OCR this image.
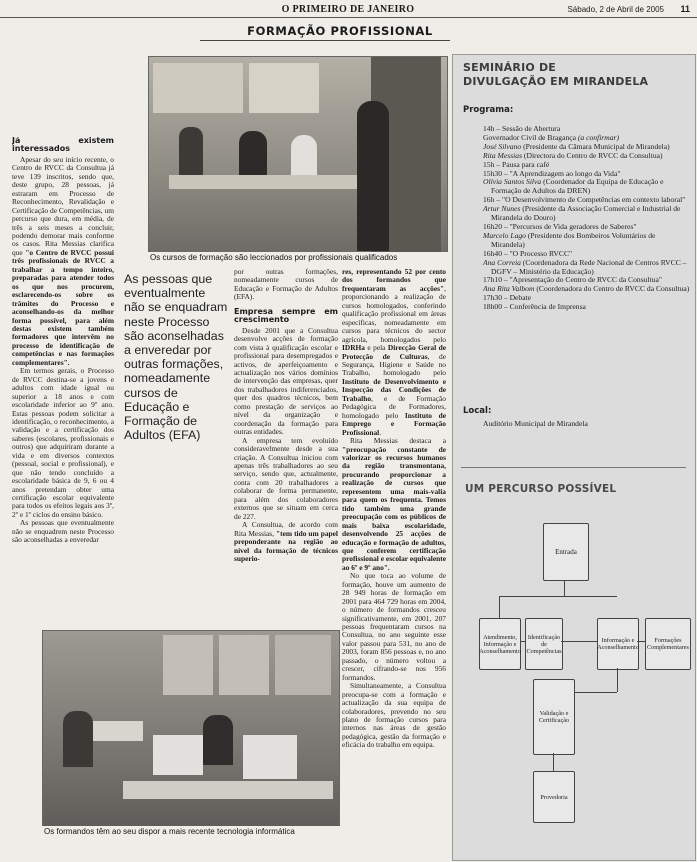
O PRIMEIRO DE JANEIRO	Sábado, 2 de Abril de 2005	11
FORMAÇÃO PROFISSIONAL
Os cursos de formação são leccionados por profissionais qualificados
Já existem interessados

Apesar do seu início recente, o Centro de RVCC da Consultua já teve 139 inscritos, sendo que, deste grupo, 28 pessoas, já estraram em Processo de Reconhecimento, Revalidação e Certificação de Competências, um percurso que dura, em média, de três a seis meses a concluir, podendo demorar mais conforme os casos. Rita Messias clarifica que "o Centro de RVCC possui três profissionais de RVCC a trabalhar a tempo inteiro, preparadas para atender todos os que nos procurem, esclarecendo-os sobre os trâmites do Processo e aconselhando-os da melhor forma possível, para além destas existem também formadores que intervêm no processo de identificação de competências e nas formações complementares".

Em termos gerais, o Processo de RVCC destina-se a jovens e adultos com idade igual ou superior a 18 anos e com escolaridade inferior ao 9º ano. Estas pessoas podem solicitar a identificação, o reconhecimento, a validação e a certificação dos saberes (escolares, profissionais e outros) que adquiriram durante a vida e em diversos contextos (pessoal, social e profissional), e que não tendo concluído a escolaridade básica de 9, 6 ou 4 anos pretendam obter uma certificação escolar equivalente para todos os efeitos legais aos 3º, 2º e 1º ciclos do ensino básico.

As pessoas que eventualmente não se enquadrem neste Processo são aconselhadas a enveredar

As pessoas que eventualmente não se enquadram neste Processo são aconselhadas a enveredar por outras formações, nomeadamente cursos de Educação e Formação de Adultos (EFA)

por outras formações, nomeadamente cursos de Educação e Formação de Adultos (EFA).

Empresa sempre em crescimento

Desde 2001 que a Consultua desenvolve acções de formação com vista à qualificação escolar e profissional para desempregados e activos, de aperfeiçoamento e actualização nos vários domínios de intervenção das empresas, quer dos trabalhadores indiferenciados, quer dos quadros técnicos, bem como prestação de serviços ao nível da organização e coordenação da formação para outras entidades.

A empresa tem evoluído consideravelmente desde a sua criação. A Consultua iniciou com apenas três trabalhadores ao seu serviço, sendo que, actualmente, conta com 20 trabalhadores a colaborar de forma permanente, para além dos colaboradores externos que se situam em cerca de 227.

A Consultua, de acordo com Rita Messias, "tem tido um papel preponderante na região ao nível da formação de técnicos superio-

res, representando 52 por cento dos formandos que frequentaram as acções", proporcionando a realização de cursos homologados, conferindo qualificação profissional em áreas específicas, nomeadamente em cursos para técnicos do sector agrícola, homologados pelo IDRHa e pela Direcção Geral de Protecção de Culturas, de Segurança, Higiene e Saúde no Trabalho, homologado pelo Instituto de Desenvolvimento e Inspecção das Condições de Trabalho, e de Formação Pedagógica de Formadores, homologado pelo Instituto de Emprego e Formação Profissional.

Rita Messias destaca a "preocupação constante de valorizar os recursos humanos da região transmontana, procurando proporcionar a realização de cursos que representem uma mais-valia para quem os frequenta. Temos tido também uma grande preocupação com os públicos de mais baixa escolaridade, desenvolvendo 25 acções de educação e formação de adultos, que conferem certificação profissional e escolar equivalente ao 6º e 9º ano".

No que toca ao volume de formação, houve um aumento de 28 949 horas de formação em 2001 para 464 729 horas em 2004, o número de formandos cresceu significativamente, em 2001, 207 pessoas frequentaram cursos na Consultua, no ano seguinte esse valor passou para 531, no ano de 2003, foram 856 pessoas e, no ano passado, o número voltou a crescer, cifrando-se nos 956 formandos.

Simultaneamente, a Consultua preocupa-se com a formação e actualização da sua equipa de colaboradores, prevendo no seu plano de formação cursos para internos nas áreas de gestão pedagógica, gestão da formação e eficácia do trabalho em equipa.

Os formandos têm ao seu dispor a mais recente tecnologia informática
SEMINÁRIO DE
DIVULGAÇÃO EM MIRANDELA
Programa:
14h – Sessão de Abertura
Governador Civil de Bragança (a confirmar)
José Silvano (Presidente da Câmara Municipal de Mirandela)
Rita Messias (Directora do Centro de RVCC da Consultua)
15h – Pausa para café
15h30 – "A Aprendizagem ao longo da Vida"
Olívia Santos Silva (Coordenador da Equipa de Educação e Formação de Adultos da DREN)
16h – "O Desenvolvimento de Competências em contexto laboral"
Artur Nunes (Presidente da Associação Comercial e Industrial de Mirandela do Douro)
16h20 – "Percursos de Vida geradores de Saberes"
Marcelo Lago (Presidente dos Bombeiros Voluntários de Mirandela)
16h40 – "O Processo RVCC"
Ana Correia (Coordenadora da Rede Nacional de Centros RVCC – DGFV – Ministério da Educação)
17h10 – "Apresentação do Centro de RVCC da Consultua"
Ana Rita Valbom (Coordenadora do Centro de RVCC da Consultua)
17h30 – Debate
18h00 – Conferência de Imprensa
Local:
Auditório Municipal de Mirandela
UM PERCURSO POSSÍVEL
Entrada
Atendimento, Informação e Aconselhamento
Identificação de Competências
Informação e Aconselhamento
Formações Complementares
Validação e Certificação
Provedoria
